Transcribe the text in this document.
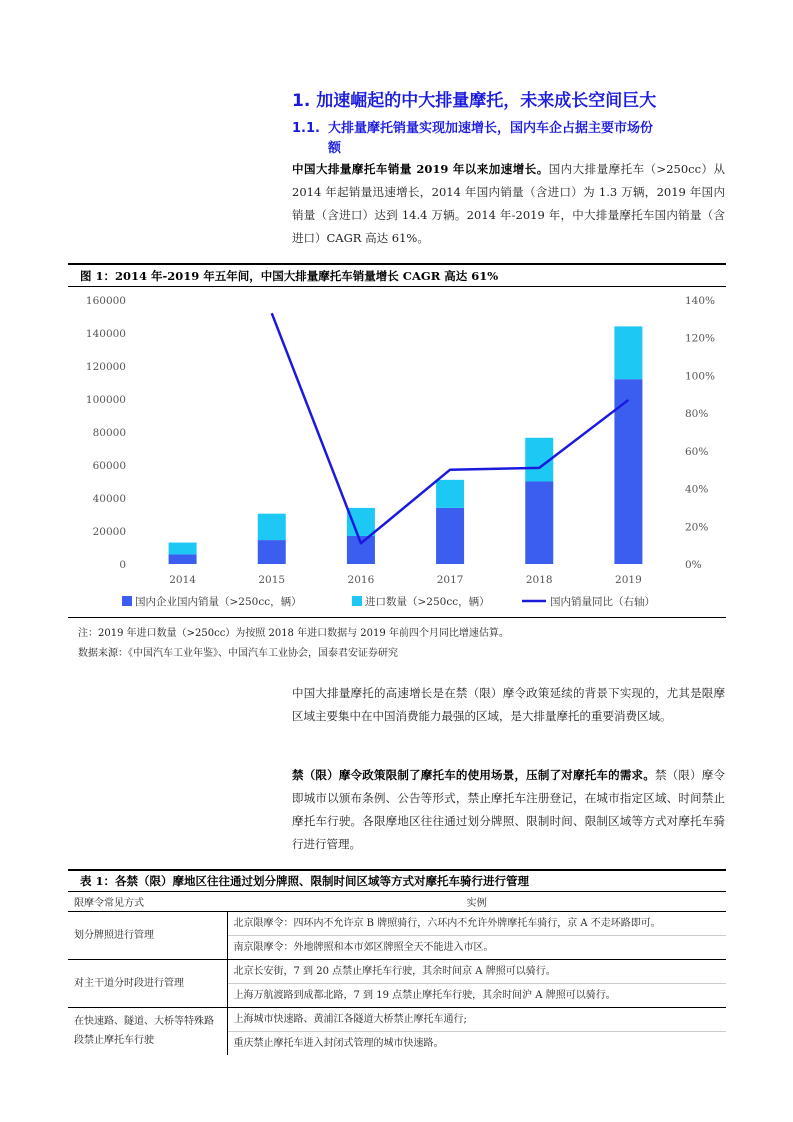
1. 加速崛起的中大排量摩托，未来成长空间巨大
1.1. 大排量摩托销量实现加速增长，国内车企占据主要市场份
额
中国大排量摩托车销量 2019 年以来加速增长。国内大排量摩托车（>250cc）从 2014 年起销量迅速增长，2014 年国内销量（含进口）为 1.3 万辆，2019 年国内销量（含进口）达到 14.4 万辆。2014 年-2019 年，中大排量摩托车国内销量（含进口）CAGR 高达 61%。
图 1：2014 年-2019 年五年间，中国大排量摩托车销量增长 CAGR 高达 61%
0
20000
40000
60000
80000
100000
120000
140000
160000
0%
20%
40%
60%
80%
100%
120%
140%
2014	2015	2016	2017	2018	2019
国内企业国内销量（>250cc，辆）	进口数量（>250cc，辆）	国内销量同比（右轴）
注：2019 年进口数量（>250cc）为按照 2018 年进口数据与 2019 年前四个月同比增速估算。
数据来源：《中国汽车工业年鉴》、中国汽车工业协会，国泰君安证券研究
中国大排量摩托的高速增长是在禁（限）摩令政策延续的背景下实现的，尤其是限摩区域主要集中在中国消费能力最强的区域，是大排量摩托的重要消费区域。
禁（限）摩令政策限制了摩托车的使用场景，压制了对摩托车的需求。禁（限）摩令即城市以颁布条例、公告等形式，禁止摩托车注册登记，在城市指定区域、时间禁止摩托车行驶。各限摩地区往往通过划分牌照、限制时间、限制区域等方式对摩托车骑行进行管理。
表 1：各禁（限）摩地区往往通过划分牌照、限制时间区域等方式对摩托车骑行进行管理
限摩令常见方式	实例
划分牌照进行管理	北京限摩令：四环内不允许京 B 牌照骑行，六环内不允许外牌摩托车骑行，京 A 不走环路即可。
	南京限摩令：外地牌照和本市郊区牌照全天不能进入市区。
对主干道分时段进行管理	北京长安街，7 到 20 点禁止摩托车行驶，其余时间京 A 牌照可以骑行。
	上海万航渡路到成都北路，7 到 19 点禁止摩托车行驶，其余时间沪 A 牌照可以骑行。
在快速路、隧道、大桥等特殊路段禁止摩托车行驶	上海城市快速路、黄浦江各隧道大桥禁止摩托车通行;
	重庆禁止摩托车进入封闭式管理的城市快速路。
